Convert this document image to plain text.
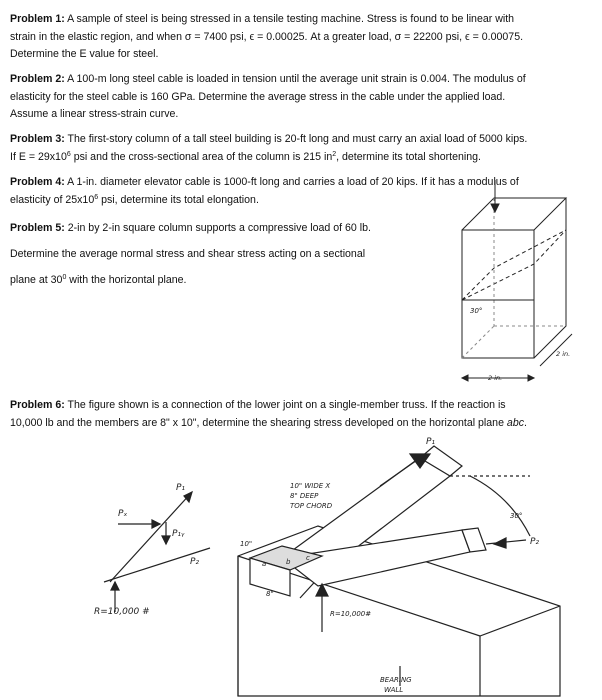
Problem 1: A sample of steel is being stressed in a tensile testing machine. Stress is found to be linear with
strain in the elastic region, and when σ = 7400 psi, ϵ = 0.00025. At a greater load, σ = 22200 psi, ϵ = 0.00075.
Determine the E value for steel.
Problem 2: A 100-m long steel cable is loaded in tension until the average unit strain is 0.004. The modulus of
elasticity for the steel cable is 160 GPa. Determine the average stress in the cable under the applied load.
Assume a linear stress-strain curve.
Problem 3: The first-story column of a tall steel building is 20-ft long and must carry an axial load of 5000 kips.
If $E = 29x10^6$ psi and the cross-sectional area of the column is 215 $in^2$, determine its total shortening.
Problem 4: A 1-in. diameter elevator cable is 1000-ft long and carries a load of 20 kips. If it has a modulus of
elasticity of $25x10^6$ psi, determine its total elongation.
Problem 5: 2-in by 2-in square column supports a compressive load of 60 lb.
Determine the average normal stress and shear stress acting on a sectional
plane at $30^0$ with the horizontal plane.
Problem 6: The figure shown is a connection of the lower joint on a single-member truss. If the reaction is
10,000 lb and the members are 8" x 10", determine the shearing stress developed on the horizontal plane abc.
30°
2 in.
2 in.
P₁
Pₓ
P₁ᵧ
P₂
R=10,000 #
10" WIDE X
8" DEEP
TOP CHORD
P₁
P₂
30°
R=10,000#
BEARING
WALL
a	b c
10"
8"
